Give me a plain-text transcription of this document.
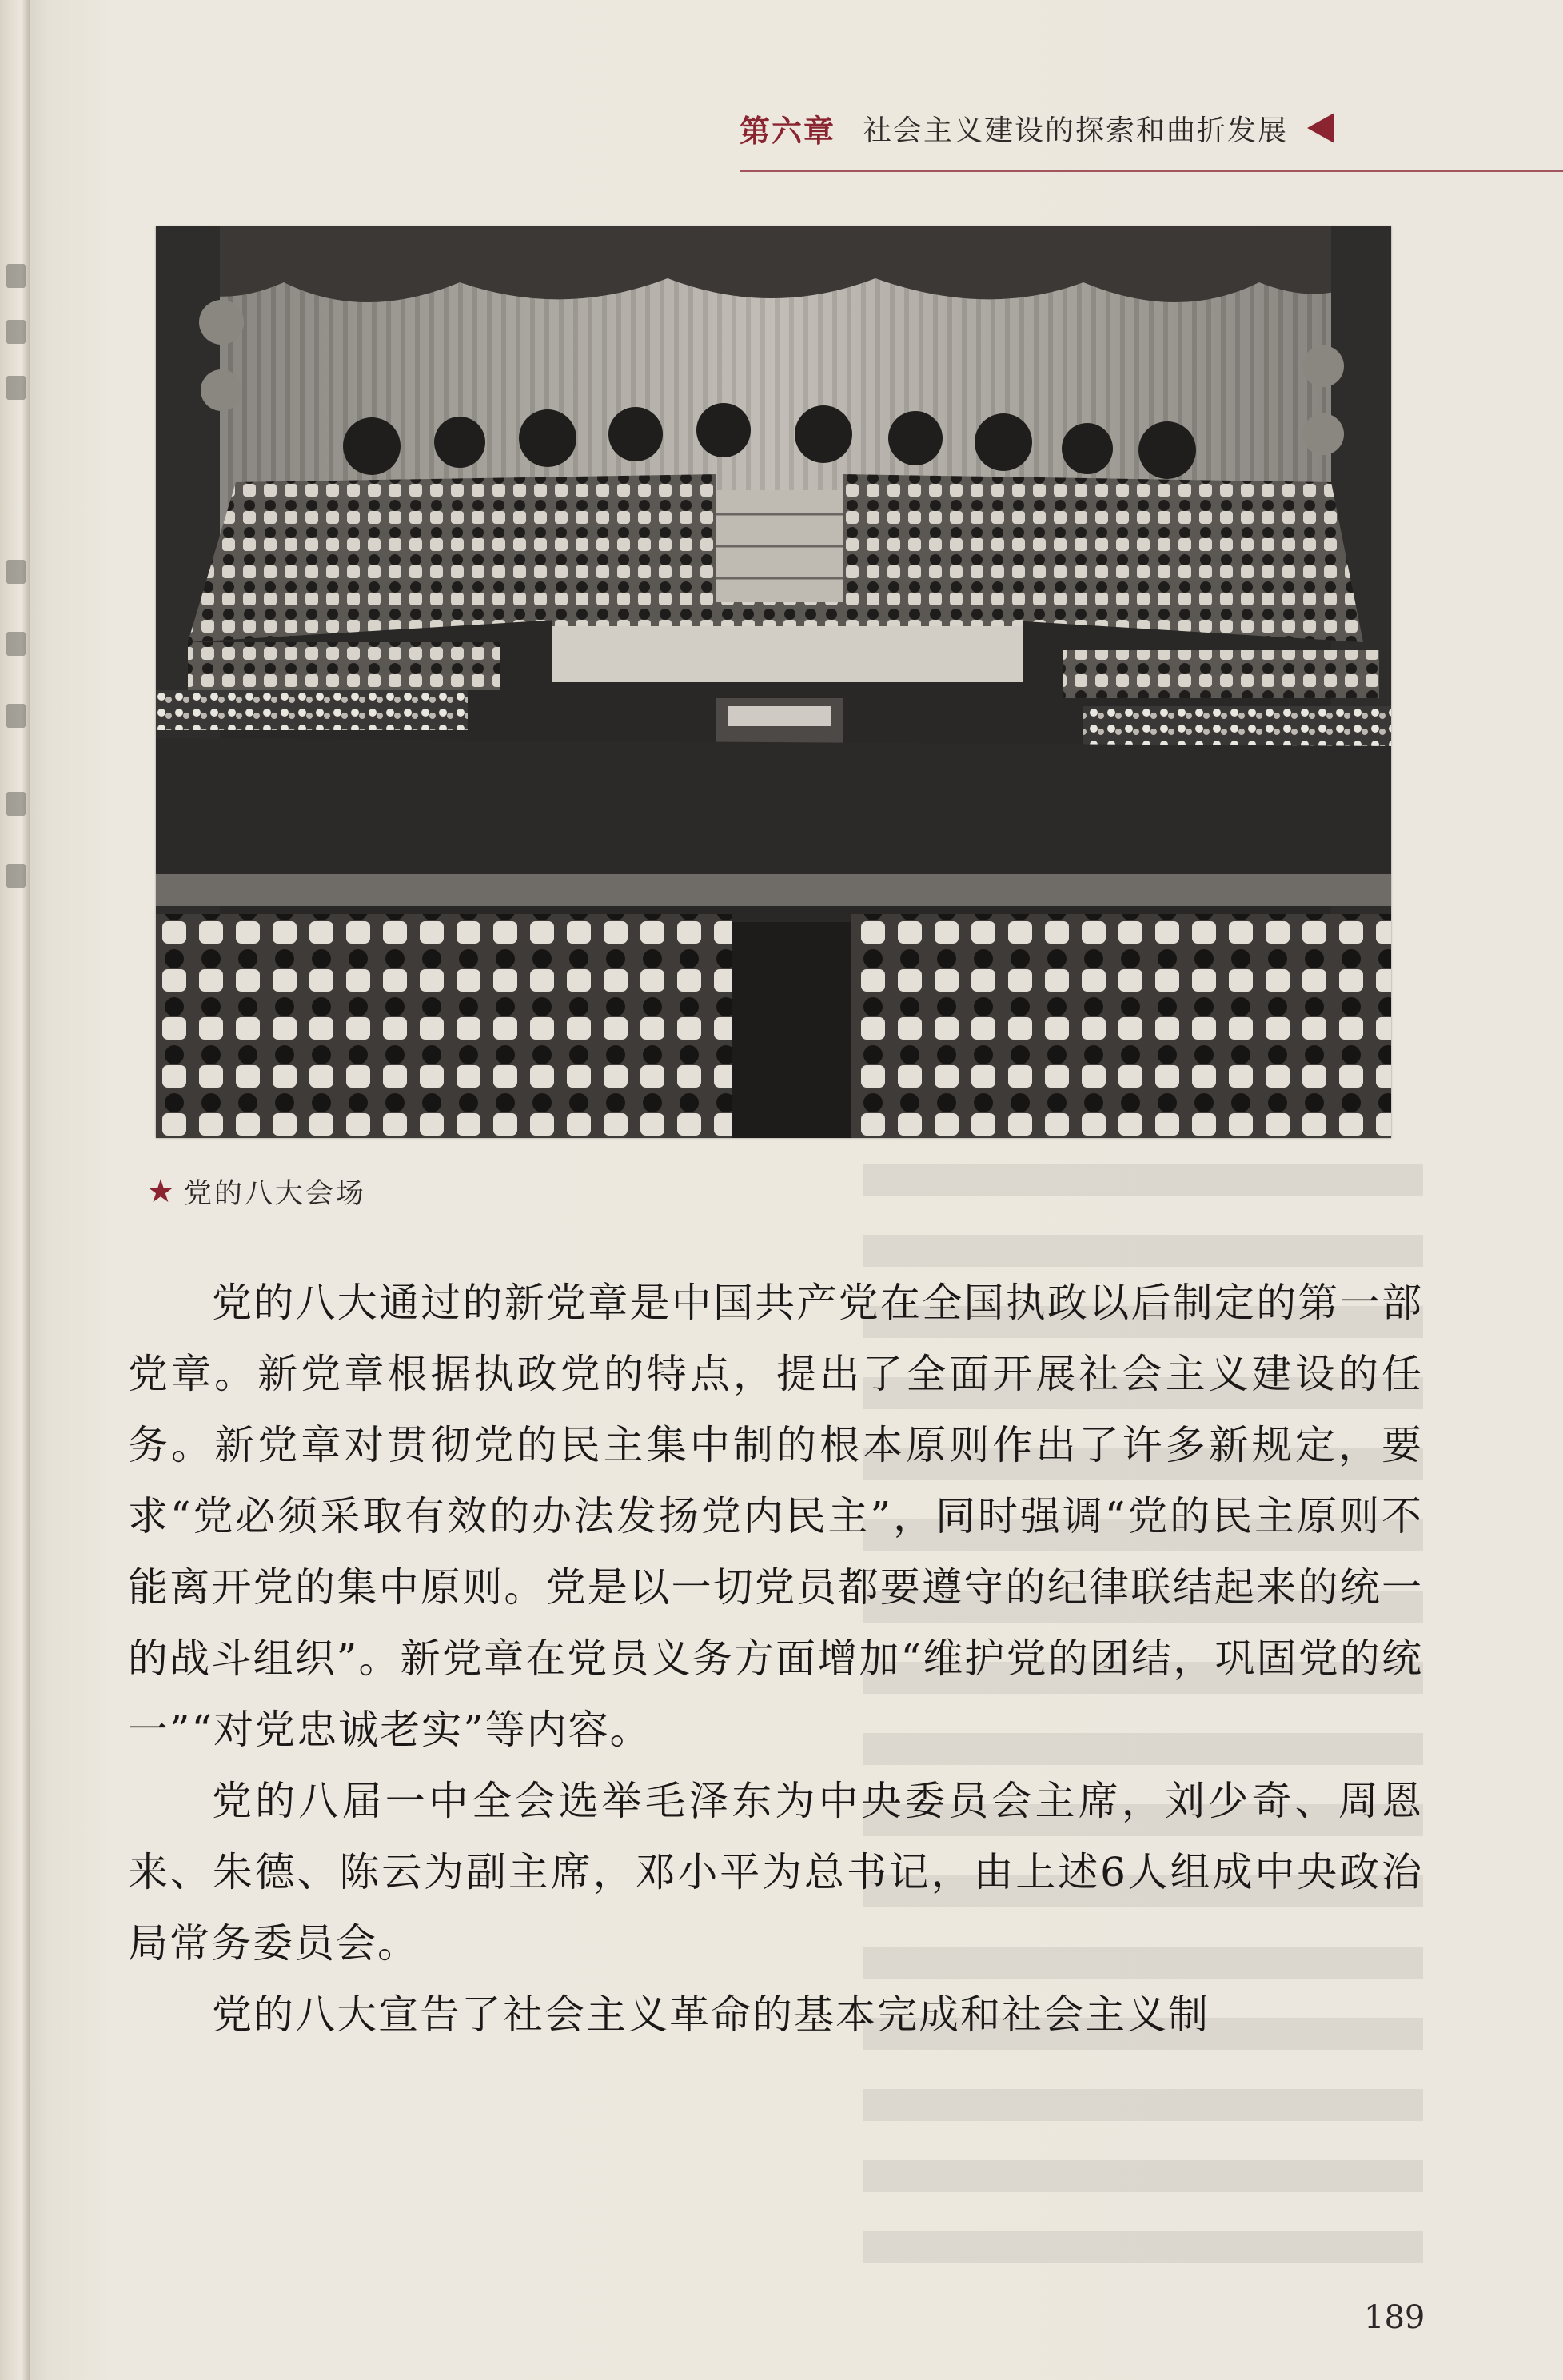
第六章 社会主义建设的探索和曲折发展
★ 党的八大会场

党的八大通过的新党章是中国共产党在全国执政以后制定的第一部党章。新党章根据执政党的特点，提出了全面开展社会主义建设的任务。新党章对贯彻党的民主集中制的根本原则作出了许多新规定，要求“党必须采取有效的办法发扬党内民主”，同时强调“党的民主原则不能离开党的集中原则。党是以一切党员都要遵守的纪律联结起来的统一的战斗组织”。新党章在党员义务方面增加“维护党的团结，巩固党的统一”“对党忠诚老实”等内容。

党的八届一中全会选举毛泽东为中央委员会主席，刘少奇、周恩来、朱德、陈云为副主席，邓小平为总书记，由上述6人组成中央政治局常务委员会。

党的八大宣告了社会主义革命的基本完成和社会主义制

189
